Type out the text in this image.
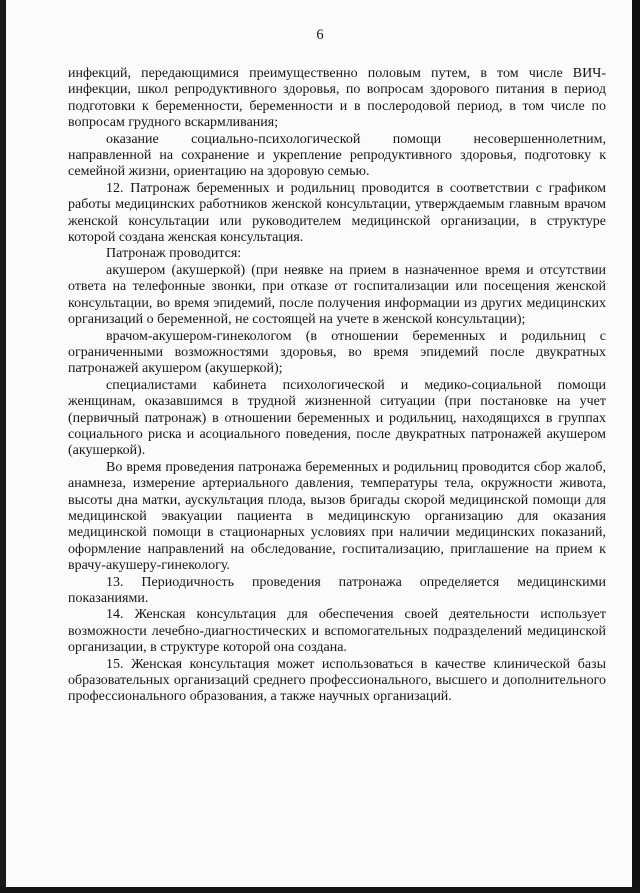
6

инфекций, передающимися преимущественно половым путем, в том числе ВИЧ-инфекции, школ репродуктивного здоровья, по вопросам здорового питания в период подготовки к беременности, беременности и в послеродовой период, в том числе по вопросам грудного вскармливания;

оказание социально-психологической помощи несовершеннолетним, направленной на сохранение и укрепление репродуктивного здоровья, подготовку к семейной жизни, ориентацию на здоровую семью.

12. Патронаж беременных и родильниц проводится в соответствии с графиком работы медицинских работников женской консультации, утверждаемым главным врачом женской консультации или руководителем медицинской организации, в структуре которой создана женская консультация.

Патронаж проводится:

акушером (акушеркой) (при неявке на прием в назначенное время и отсутствии ответа на телефонные звонки, при отказе от госпитализации или посещения женской консультации, во время эпидемий, после получения информации из других медицинских организаций о беременной, не состоящей на учете в женской консультации);

врачом-акушером-гинекологом (в отношении беременных и родильниц с ограниченными возможностями здоровья, во время эпидемий после двукратных патронажей акушером (акушеркой);

специалистами кабинета психологической и медико-социальной помощи женщинам, оказавшимся в трудной жизненной ситуации (при постановке на учет (первичный патронаж) в отношении беременных и родильниц, находящихся в группах социального риска и асоциального поведения, после двукратных патронажей акушером (акушеркой).

Во время проведения патронажа беременных и родильниц проводится сбор жалоб, анамнеза, измерение артериального давления, температуры тела, окружности живота, высоты дна матки, аускультация плода, вызов бригады скорой медицинской помощи для медицинской эвакуации пациента в медицинскую организацию для оказания медицинской помощи в стационарных условиях при наличии медицинских показаний, оформление направлений на обследование, госпитализацию, приглашение на прием к врачу-акушеру-гинекологу.

13. Периодичность проведения патронажа определяется медицинскими показаниями.

14. Женская консультация для обеспечения своей деятельности использует возможности лечебно-диагностических и вспомогательных подразделений медицинской организации, в структуре которой она создана.

15. Женская консультация может использоваться в качестве клинической базы образовательных организаций среднего профессионального, высшего и дополнительного профессионального образования, а также научных организаций.
